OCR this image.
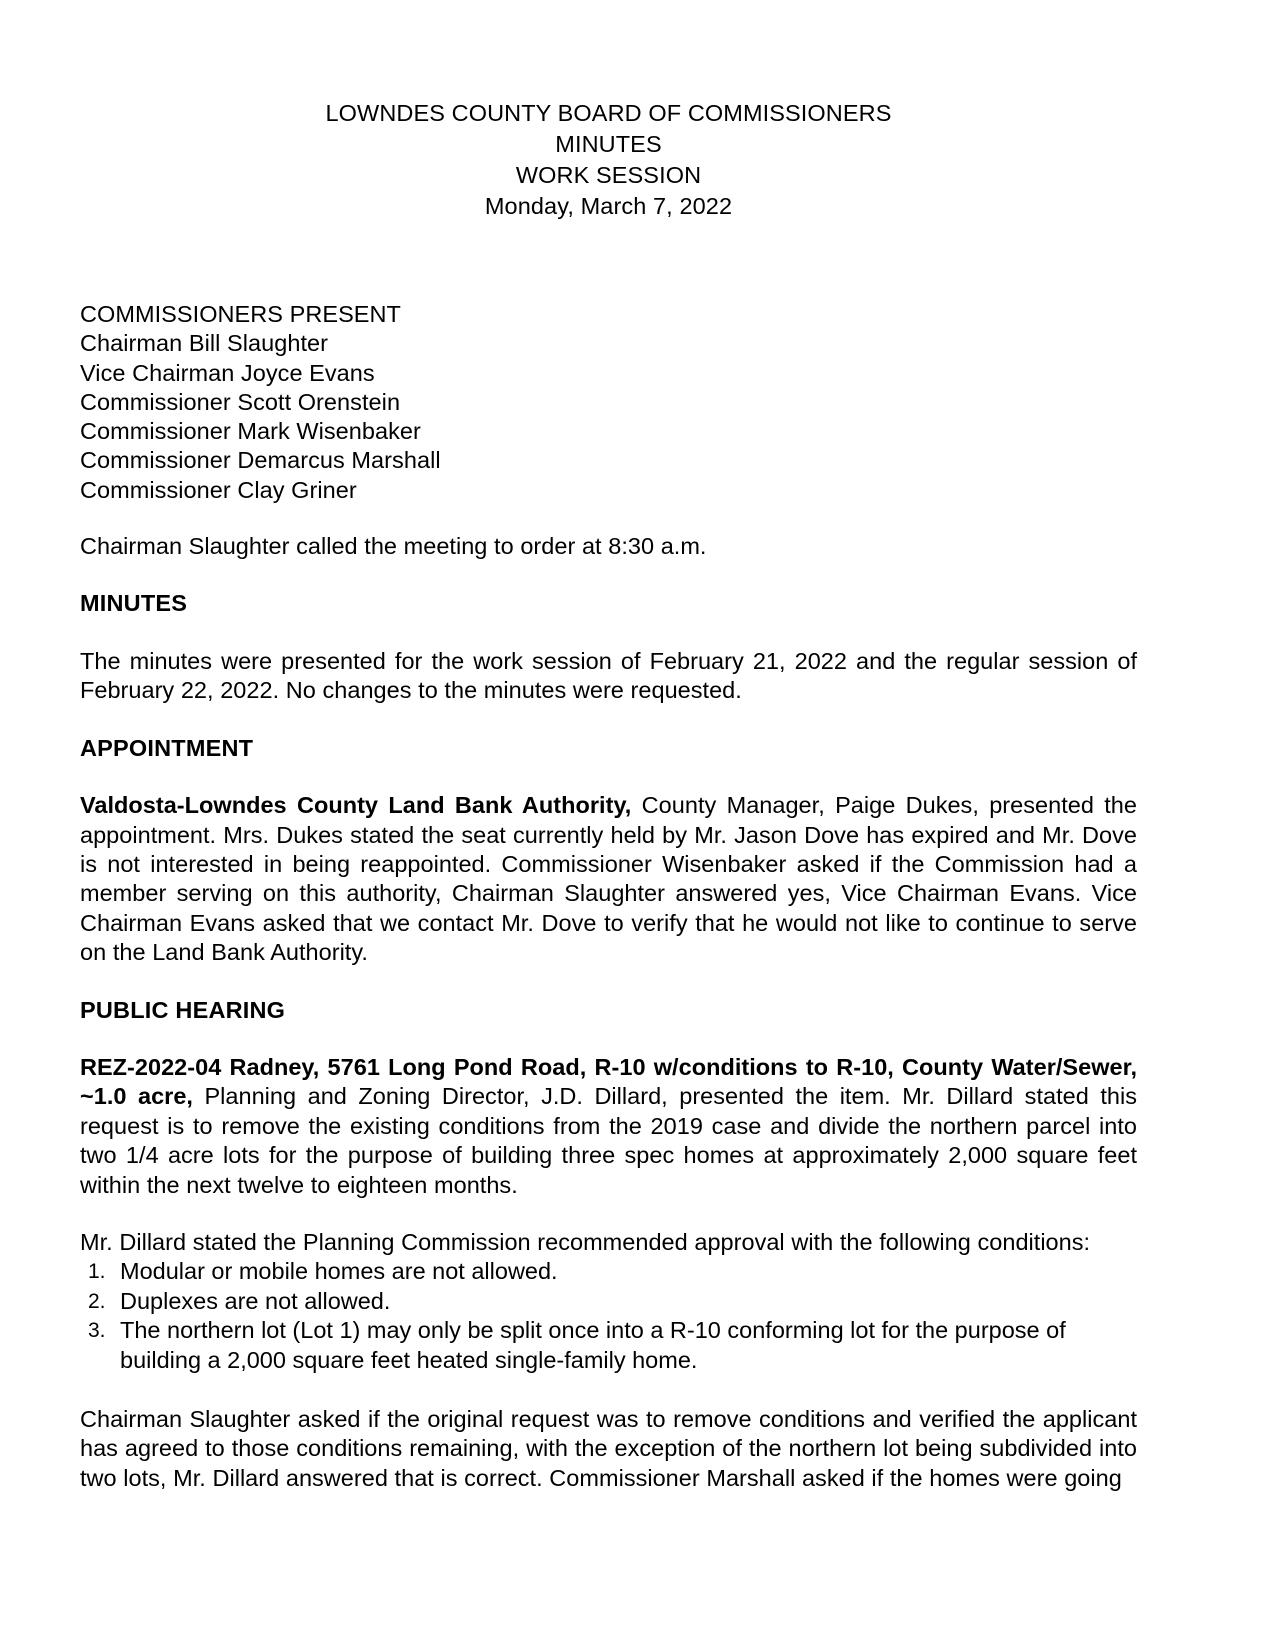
LOWNDES COUNTY BOARD OF COMMISSIONERS
MINUTES
WORK SESSION
Monday, March 7, 2022
COMMISSIONERS PRESENT
Chairman Bill Slaughter
Vice Chairman Joyce Evans
Commissioner Scott Orenstein
Commissioner Mark Wisenbaker
Commissioner Demarcus Marshall
Commissioner Clay Griner

Chairman Slaughter called the meeting to order at 8:30 a.m.

MINUTES

The minutes were presented for the work session of February 21, 2022 and the regular session of February 22, 2022. No changes to the minutes were requested.

APPOINTMENT

Valdosta-Lowndes County Land Bank Authority, County Manager, Paige Dukes, presented the appointment. Mrs. Dukes stated the seat currently held by Mr. Jason Dove has expired and Mr. Dove is not interested in being reappointed. Commissioner Wisenbaker asked if the Commission had a member serving on this authority, Chairman Slaughter answered yes, Vice Chairman Evans. Vice Chairman Evans asked that we contact Mr. Dove to verify that he would not like to continue to serve on the Land Bank Authority.

PUBLIC HEARING

REZ-2022-04 Radney, 5761 Long Pond Road, R-10 w/conditions to R-10, County Water/Sewer, ~1.0 acre, Planning and Zoning Director, J.D. Dillard, presented the item. Mr. Dillard stated this request is to remove the existing conditions from the 2019 case and divide the northern parcel into two 1/4 acre lots for the purpose of building three spec homes at approximately 2,000 square feet within the next twelve to eighteen months.

Mr. Dillard stated the Planning Commission recommended approval with the following conditions:

1. Modular or mobile homes are not allowed.
2. Duplexes are not allowed.
3. The northern lot (Lot 1) may only be split once into a R-10 conforming lot for the purpose of building a 2,000 square feet heated single-family home.

Chairman Slaughter asked if the original request was to remove conditions and verified the applicant has agreed to those conditions remaining, with the exception of the northern lot being subdivided into two lots, Mr. Dillard answered that is correct. Commissioner Marshall asked if the homes were going
